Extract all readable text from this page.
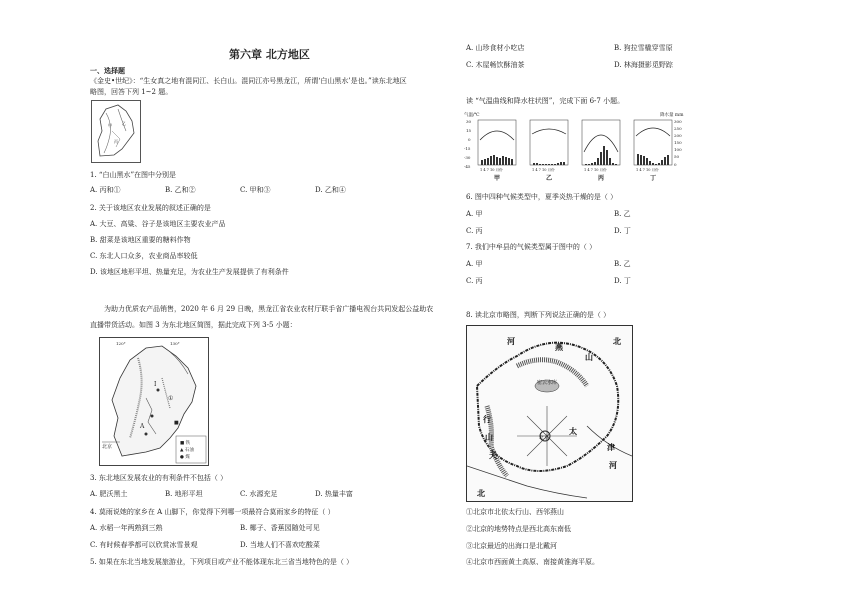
第六章 北方地区
一、选择题
《金史•世纪》：“生女真之地有混同江、长白山。混同江亦号黑龙江，所谓‘白山黑水’是也。”读东北地区
略图，回答下列 1~2 题。
甲	乙
丙
1. “白山黑水”在图中分别是
A. 丙和①	B. 乙和②	C. 甲和③	D. 乙和④
2. 关于该地区农业发展的叙述正确的是
A. 大豆、高粱、谷子是该地区主要农业产品
B. 甜菜是该地区重要的糖料作物
C. 东北人口众多，农业商品率较低
D. 该地区地形平坦、热量充足，为农业生产发展提供了有利条件
为助力优质农产品销售，2020 年 6 月 29 日晚，黑龙江省农业农村厅联手省广播电视台共同发起公益助农
直播带货活动。如图 3 为东北地区简图，据此完成下列 3-5 小题：
Ⅰ
①
A	■
北京
120°	130°
■ 铁
▲ 石油
● 煤
3. 东北地区发展农业的有利条件不包括（ ）
A. 肥沃黑土	B. 地形平坦	C. 水源充足	D. 热量丰富
4. 莫雨说她的家乡在 A 山脚下，你觉得下列哪一项最符合莫雨家乡的特征（ ）
A. 水稻一年两熟到三熟	B. 椰子、香蕉园随处可见
C. 有时候春季都可以欣赏冰雪景观	D. 当地人们不喜欢吃酸菜
5. 如果在东北当地发展旅游业，下列项目或产业不能体现东北三省当地特色的是（ ）
A. 山珍食材小吃店	B. 狗拉雪橇穿雪原
C. 木屋畅饮酥油茶	D. 林海摄影觅野踪
读 “气温曲线和降水柱状图”，完成下面 6-7 小题。
气温/℃	降水量 mm
30
15
0
-15
-30
-45
300
250
200
150
100
50
0
1 4 7 10 月份
甲
1 4 7 10 月份
乙
1 4 7 10 月份
丙
1 4 7 10 月份
丁
6. 图中四种气候类型中，夏季炎热干燥的是（ ）
A. 甲	B. 乙
C. 丙	D. 丁
7. 我们中牟县的气候类型属于图中的（ ）
A. 甲	B. 乙
C. 丙	D. 丁
8. 读北京市略图，判断下列说法正确的是（ ）
河	北
燕
山
太
行
山
天
津
河
北
密云水库
北京
①北京市北依太行山、西邻燕山
②北京的地势特点是西北高东南低
③北京最近的出海口是北戴河
④北京市西面黄土高原、南接黄淮海平原。
